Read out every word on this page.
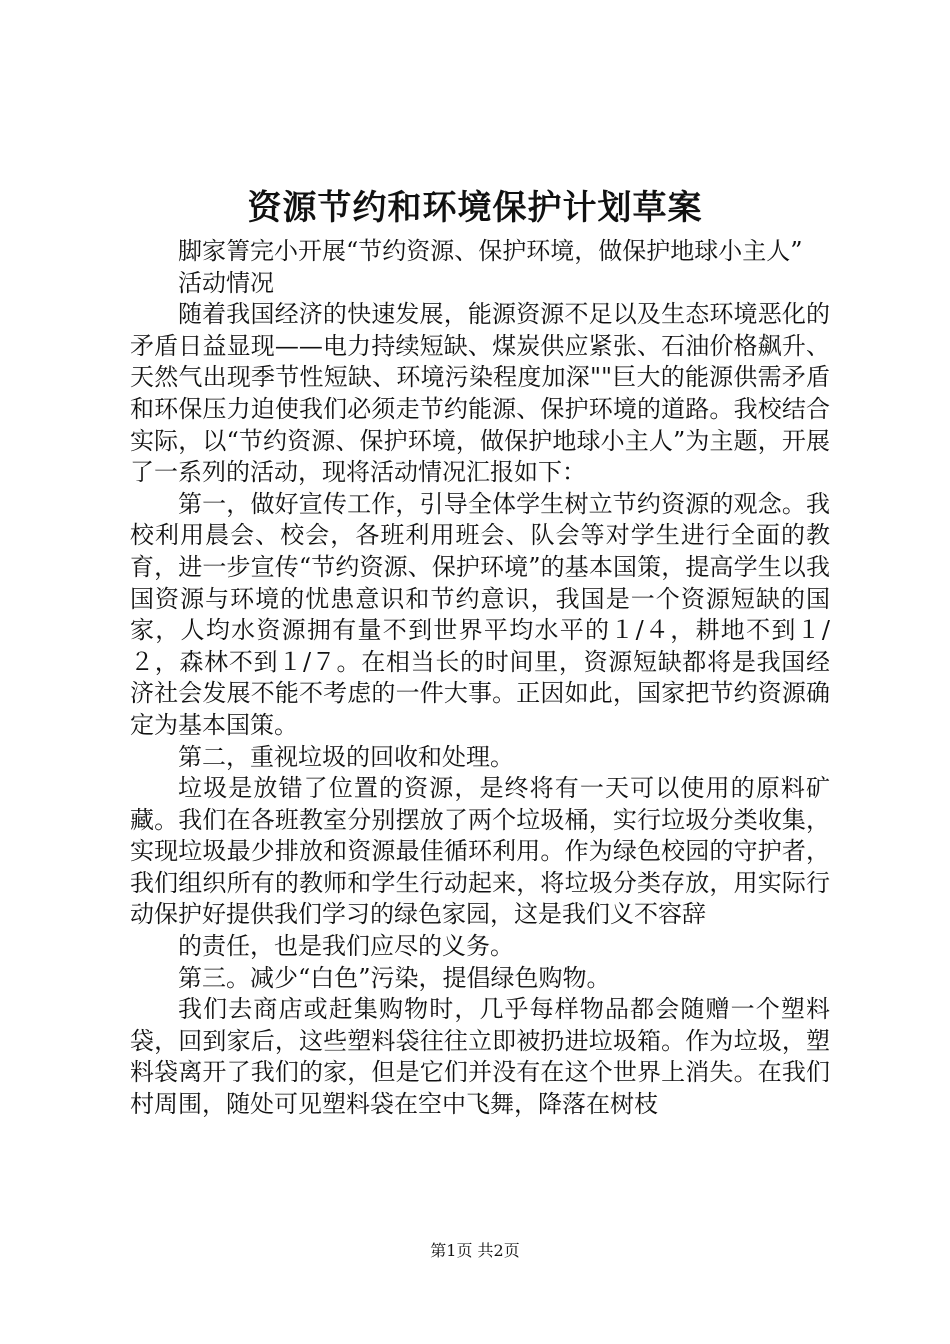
资源节约和环境保护计划草案

脚家箐完小开展“节约资源、保护环境，做保护地球小主人”

活动情况

随着我国经济的快速发展，能源资源不足以及生态环境恶化的矛盾日益显现——电力持续短缺、煤炭供应紧张、石油价格飙升、天然气出现季节性短缺、环境污染程度加深""巨大的能源供需矛盾和环保压力迫使我们必须走节约能源、保护环境的道路。我校结合实际，以“节约资源、保护环境，做保护地球小主人”为主题，开展了一系列的活动，现将活动情况汇报如下：

第一，做好宣传工作，引导全体学生树立节约资源的观念。我校利用晨会、校会，各班利用班会、队会等对学生进行全面的教育，进一步宣传“节约资源、保护环境”的基本国策，提高学生以我国资源与环境的忧患意识和节约意识，我国是一个资源短缺的国家，人均水资源拥有量不到世界平均水平的１/４，耕地不到１/２，森林不到１/７。在相当长的时间里，资源短缺都将是我国经济社会发展不能不考虑的一件大事。正因如此，国家把节约资源确定为基本国策。

第二，重视垃圾的回收和处理。

垃圾是放错了位置的资源，是终将有一天可以使用的原料矿藏。我们在各班教室分别摆放了两个垃圾桶，实行垃圾分类收集，实现垃圾最少排放和资源最佳循环利用。作为绿色校园的守护者，我们组织所有的教师和学生行动起来，将垃圾分类存放，用实际行动保护好提供我们学习的绿色家园，这是我们义不容辞

的责任，也是我们应尽的义务。

第三。减少“白色”污染，提倡绿色购物。

我们去商店或赶集购物时，几乎每样物品都会随赠一个塑料袋，回到家后，这些塑料袋往往立即被扔进垃圾箱。作为垃圾，塑料袋离开了我们的家，但是它们并没有在这个世界上消失。在我们村周围，随处可见塑料袋在空中飞舞，降落在树枝

第1页 共2页
